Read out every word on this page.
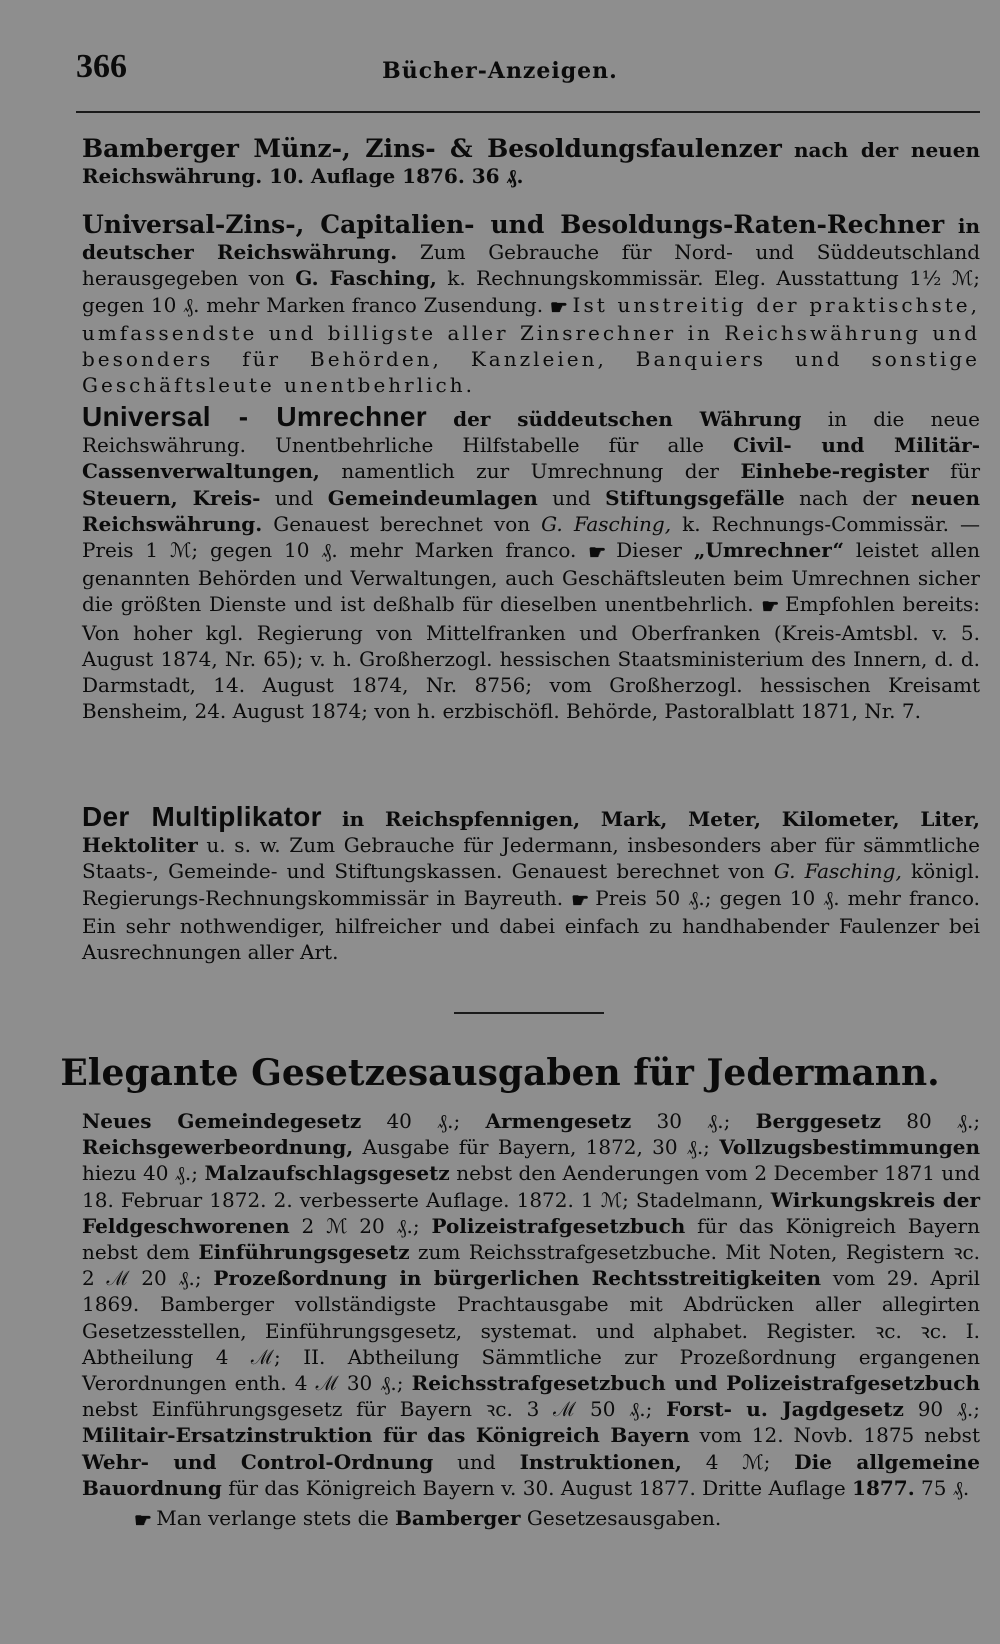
366	Bücher-Anzeigen.

Bamberger Münz-, Zins- & Besoldungsfaulenzer nach der neuen Reichswährung. 10. Auflage 1876. 36 ₰.

Universal-Zins-, Capitalien- und Besoldungs-Raten-Rechner in deutscher Reichswährung. Zum Gebrauche für Nord- und Süddeutschland herausgegeben von G. Fasching, k. Rechnungskommissär. Eleg. Ausstattung 1½ ℳ; gegen 10 ₰. mehr Marken franco Zusendung. ☛ Ist unstreitig der praktischste, umfassendste und billigste aller Zinsrechner in Reichswährung und besonders für Behörden, Kanzleien, Banquiers und sonstige Geschäftsleute unentbehrlich.

Universal - Umrechner der süddeutschen Währung in die neue Reichswährung. Unentbehrliche Hilfstabelle für alle Civil- und Militär-Cassenverwaltungen, namentlich zur Umrechnung der Einhebe-register für Steuern, Kreis- und Gemeindeumlagen und Stiftungsgefälle nach der neuen Reichswährung. Genauest berechnet von G. Fasching, k. Rechnungs-Commissär. — Preis 1 ℳ; gegen 10 ₰. mehr Marken franco. ☛ Dieser „Umrechner“ leistet allen genannten Behörden und Verwaltungen, auch Geschäftsleuten beim Umrechnen sicher die größten Dienste und ist deßhalb für dieselben unentbehrlich. ☛ Empfohlen bereits: Von hoher kgl. Regierung von Mittelfranken und Oberfranken (Kreis-Amtsbl. v. 5. August 1874, Nr. 65); v. h. Großherzogl. hessischen Staatsministerium des Innern, d. d. Darmstadt, 14. August 1874, Nr. 8756; vom Großherzogl. hessischen Kreisamt Bensheim, 24. August 1874; von h. erzbischöfl. Behörde, Pastoralblatt 1871, Nr. 7.

Der Multiplikator in Reichspfennigen, Mark, Meter, Kilometer, Liter, Hektoliter u. s. w. Zum Gebrauche für Jedermann, insbesonders aber für sämmtliche Staats-, Gemeinde- und Stiftungskassen. Genauest berechnet von G. Fasching, königl. Regierungs-Rechnungskommissär in Bayreuth. ☛ Preis 50 ₰.; gegen 10 ₰. mehr franco. Ein sehr nothwendiger, hilfreicher und dabei einfach zu handhabender Faulenzer bei Ausrechnungen aller Art.

Elegante Gesetzesausgaben für Jedermann.

Neues Gemeindegesetz 40 ₰.; Armengesetz 30 ₰.; Berggesetz 80 ₰.; Reichsgewerbeordnung, Ausgabe für Bayern, 1872, 30 ₰.; Vollzugsbestimmungen hiezu 40 ₰.; Malzaufschlagsgesetz nebst den Aenderungen vom 2 December 1871 und 18. Februar 1872. 2. verbesserte Auflage. 1872. 1 ℳ; Stadelmann, Wirkungskreis der Feldgeschworenen 2 ℳ 20 ₰.; Polizeistrafgesetzbuch für das Königreich Bayern nebst dem Einführungsgesetz zum Reichsstrafgesetzbuche. Mit Noten, Registern ꝛc. 2 ℳ 20 ₰.; Prozeßordnung in bürgerlichen Rechtsstreitigkeiten vom 29. April 1869. Bamberger vollständigste Prachtausgabe mit Abdrücken aller allegirten Gesetzesstellen, Einführungsgesetz, systemat. und alphabet. Register. ꝛc. ꝛc. I. Abtheilung 4 ℳ; II. Abtheilung Sämmtliche zur Prozeßordnung ergangenen Verordnungen enth. 4 ℳ 30 ₰.; Reichsstrafgesetzbuch und Polizeistrafgesetzbuch nebst Einführungsgesetz für Bayern ꝛc. 3 ℳ 50 ₰.; Forst- u. Jagdgesetz 90 ₰.; Militair-Ersatzinstruktion für das Königreich Bayern vom 12. Novb. 1875 nebst Wehr- und Control-Ordnung und Instruktionen, 4 ℳ; Die allgemeine Bauordnung für das Königreich Bayern v. 30. August 1877. Dritte Auflage 1877. 75 ₰.

☛ Man verlange stets die Bamberger Gesetzesausgaben.
